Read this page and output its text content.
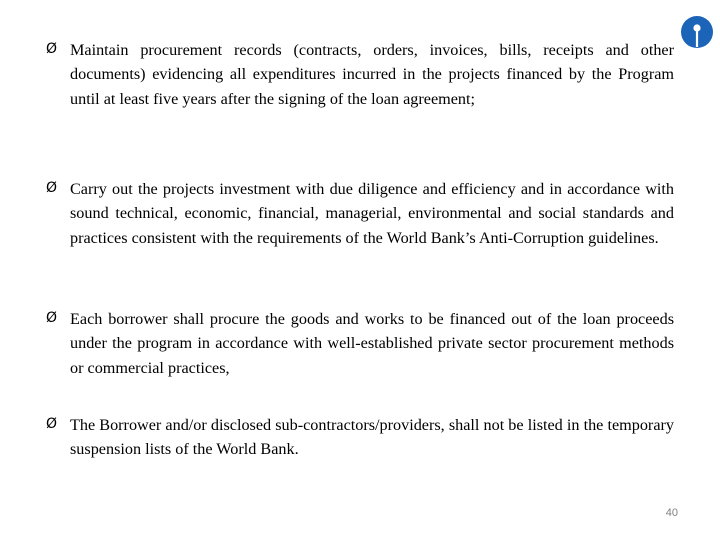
Ø Maintain procurement records (contracts, orders, invoices, bills, receipts and other documents) evidencing all expenditures incurred in the projects financed by the Program until at least five years after the signing of the loan agreement;
Ø Carry out the projects investment with due diligence and efficiency and in accordance with sound technical, economic, financial, managerial, environmental and social standards and practices consistent with the requirements of the World Bank’s Anti-Corruption guidelines.
Ø Each borrower shall procure the goods and works to be financed out of the loan proceeds under the program in accordance with well-established private sector procurement methods or commercial practices,
Ø The Borrower and/or disclosed sub-contractors/providers, shall not be listed in the temporary suspension lists of the World Bank.
40
